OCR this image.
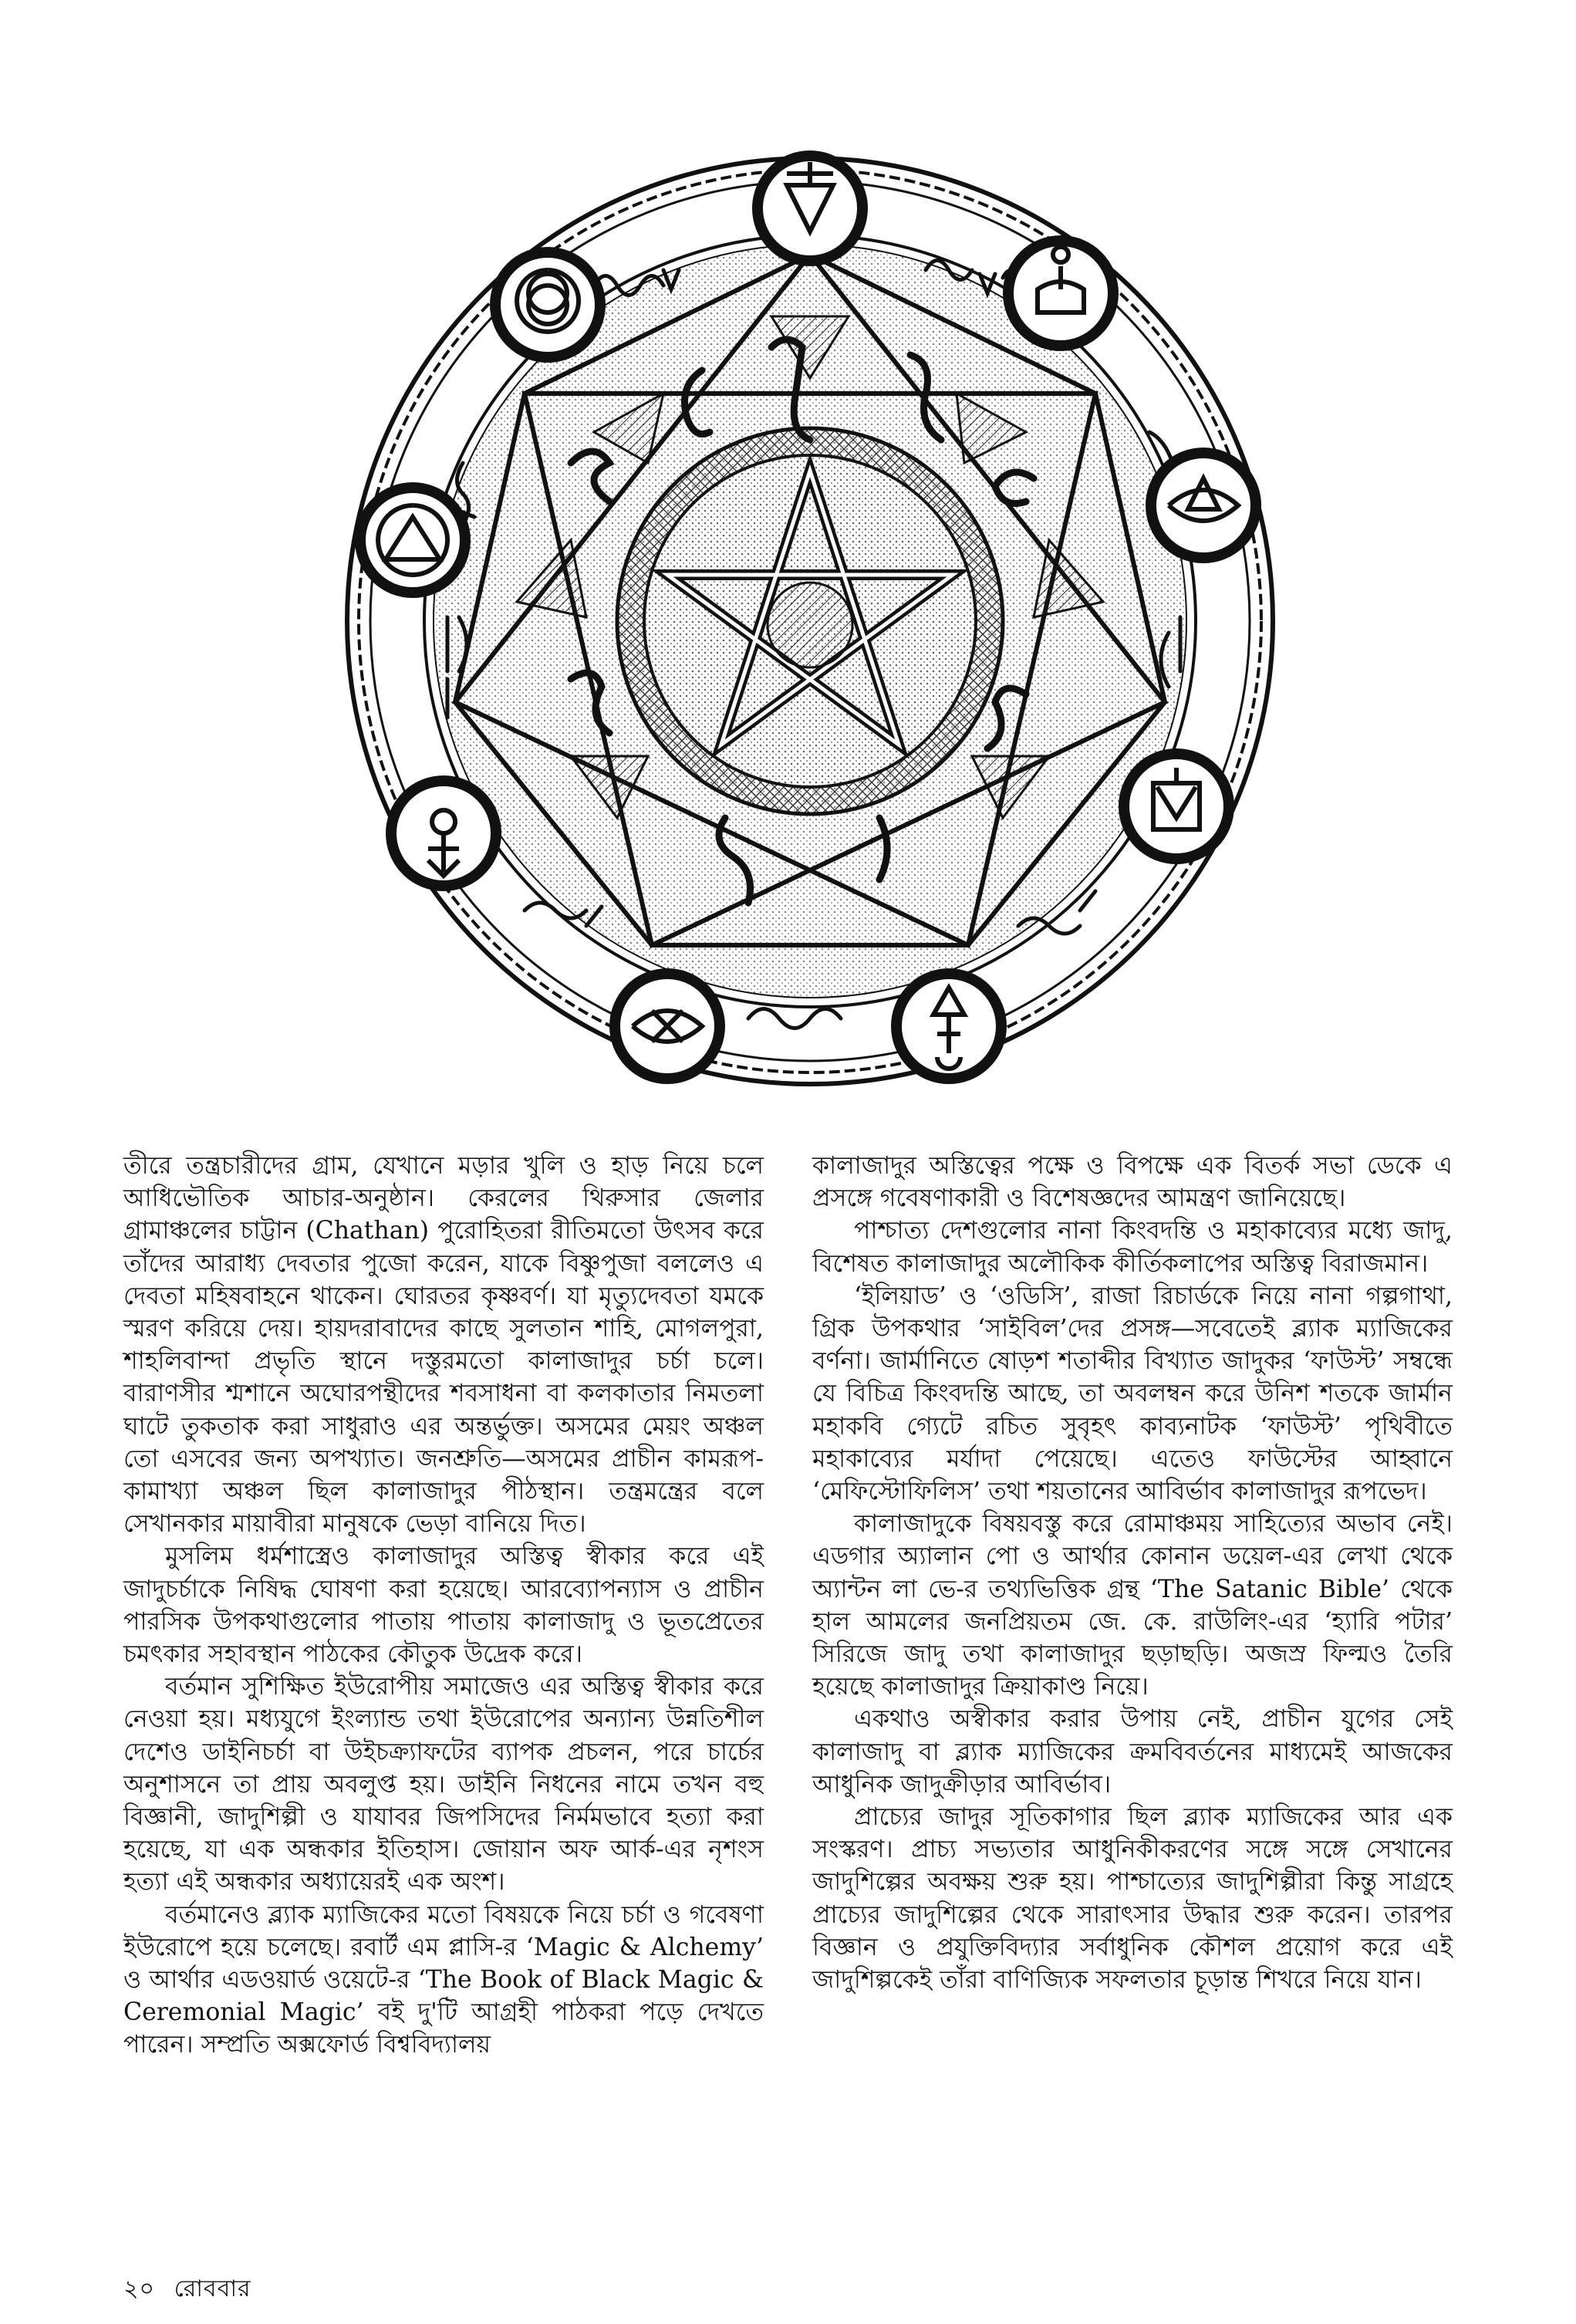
তীরে তন্ত্রচারীদের গ্রাম, যেখানে মড়ার খুলি ও হাড় নিয়ে চলে আধিভৌতিক আচার-অনুষ্ঠান। কেরলের থিরুসার জেলার গ্রামাঞ্চলের চাট্টান (Chathan) পুরোহিতরা রীতিমতো উৎসব করে তাঁদের আরাধ্য দেবতার পুজো করেন, যাকে বিষ্ণুপুজা বললেও এ দেবতা মহিষবাহনে থাকেন। ঘোরতর কৃষ্ণবর্ণ। যা মৃত্যুদেবতা যমকে স্মরণ করিয়ে দেয়। হায়দরাবাদের কাছে সুলতান শাহি, মোগলপুরা, শাহলিবান্দা প্রভৃতি স্থানে দস্তুরমতো কালাজাদুর চর্চা চলে। বারাণসীর শ্মশানে অঘোরপন্থীদের শবসাধনা বা কলকাতার নিমতলা ঘাটে তুকতাক করা সাধুরাও এর অন্তর্ভুক্ত। অসমের মেয়ং অঞ্চল তো এসবের জন্য অপখ্যাত। জনশ্রুতি—অসমের প্রাচীন কামরূপ-কামাখ্যা অঞ্চল ছিল কালাজাদুর পীঠস্থান। তন্ত্রমন্ত্রের বলে সেখানকার মায়াবীরা মানুষকে ভেড়া বানিয়ে দিত।

মুসলিম ধর্মশাস্ত্রেও কালাজাদুর অস্তিত্ব স্বীকার করে এই জাদুচর্চাকে নিষিদ্ধ ঘোষণা করা হয়েছে। আরব্যোপন্যাস ও প্রাচীন পারসিক উপকথাগুলোর পাতায় পাতায় কালাজাদু ও ভূতপ্রেতের চমৎকার সহাবস্থান পাঠকের কৌতুক উদ্রেক করে।

বর্তমান সুশিক্ষিত ইউরোপীয় সমাজেও এর অস্তিত্ব স্বীকার করে নেওয়া হয়। মধ্যযুগে ইংল্যান্ড তথা ইউরোপের অন্যান্য উন্নতিশীল দেশেও ডাইনিচর্চা বা উইচক্র্যাফটের ব্যাপক প্রচলন, পরে চার্চের অনুশাসনে তা প্রায় অবলুপ্ত হয়। ডাইনি নিধনের নামে তখন বহু বিজ্ঞানী, জাদুশিল্পী ও যাযাবর জিপসিদের নির্মমভাবে হত্যা করা হয়েছে, যা এক অন্ধকার ইতিহাস। জোয়ান অফ আর্ক-এর নৃশংস হত্যা এই অন্ধকার অধ্যায়েরই এক অংশ।

বর্তমানেও ব্ল্যাক ম্যাজিকের মতো বিষয়কে নিয়ে চর্চা ও গবেষণা ইউরোপে হয়ে চলেছে। রবার্ট এম প্লাসি-র ‘Magic & Alchemy’ ও আর্থার এডওয়ার্ড ওয়েটে-র ‘The Book of Black Magic & Ceremonial Magic’ বই দু'টি আগ্রহী পাঠকরা পড়ে দেখতে পারেন। সম্প্রতি অক্সফোর্ড বিশ্ববিদ্যালয়

কালাজাদুর অস্তিত্বের পক্ষে ও বিপক্ষে এক বিতর্ক সভা ডেকে এ প্রসঙ্গে গবেষণাকারী ও বিশেষজ্ঞদের আমন্ত্রণ জানিয়েছে।

পাশ্চাত্য দেশগুলোর নানা কিংবদন্তি ও মহাকাব্যের মধ্যে জাদু, বিশেষত কালাজাদুর অলৌকিক কীর্তিকলাপের অস্তিত্ব বিরাজমান।

‘ইলিয়াড’ ও ‘ওডিসি’, রাজা রিচার্ডকে নিয়ে নানা গল্পগাথা, গ্রিক উপকথার ‘সাইবিল’দের প্রসঙ্গ—সবেতেই ব্ল্যাক ম্যাজিকের বর্ণনা। জার্মানিতে ষোড়শ শতাব্দীর বিখ্যাত জাদুকর ‘ফাউস্ট’ সম্বন্ধে যে বিচিত্র কিংবদন্তি আছে, তা অবলম্বন করে উনিশ শতকে জার্মান মহাকবি গ্যেটে রচিত সুবৃহৎ কাব্যনাটক ‘ফাউস্ট’ পৃথিবীতে মহাকাব্যের মর্যাদা পেয়েছে। এতেও ফাউস্টের আহ্বানে ‘মেফিস্টোফিলিস’ তথা শয়তানের আবির্ভাব কালাজাদুর রূপভেদ।

কালাজাদুকে বিষয়বস্তু করে রোমাঞ্চময় সাহিত্যের অভাব নেই। এডগার অ্যালান পো ও আর্থার কোনান ডয়েল-এর লেখা থেকে অ্যান্টন লা ভে-র তথ্যভিত্তিক গ্রন্থ ‘The Satanic Bible’ থেকে হাল আমলের জনপ্রিয়তম জে. কে. রাউলিং-এর ‘হ্যারি পটার’ সিরিজে জাদু তথা কালাজাদুর ছড়াছড়ি। অজস্র ফিল্মও তৈরি হয়েছে কালাজাদুর ক্রিয়াকাণ্ড নিয়ে।

একথাও অস্বীকার করার উপায় নেই, প্রাচীন যুগের সেই কালাজাদু বা ব্ল্যাক ম্যাজিকের ক্রমবিবর্তনের মাধ্যমেই আজকের আধুনিক জাদুক্রীড়ার আবির্ভাব।

প্রাচ্যের জাদুর সূতিকাগার ছিল ব্ল্যাক ম্যাজিকের আর এক সংস্করণ। প্রাচ্য সভ্যতার আধুনিকীকরণের সঙ্গে সঙ্গে সেখানের জাদুশিল্পের অবক্ষয় শুরু হয়। পাশ্চাত্যের জাদুশিল্পীরা কিন্তু সাগ্রহে প্রাচ্যের জাদুশিল্পের থেকে সারাৎসার উদ্ধার শুরু করেন। তারপর বিজ্ঞান ও প্রযুক্তিবিদ্যার সর্বাধুনিক কৌশল প্রয়োগ করে এই জাদুশিল্পকেই তাঁরা বাণিজ্যিক সফলতার চূড়ান্ত শিখরে নিয়ে যান।

২০ রোববার
